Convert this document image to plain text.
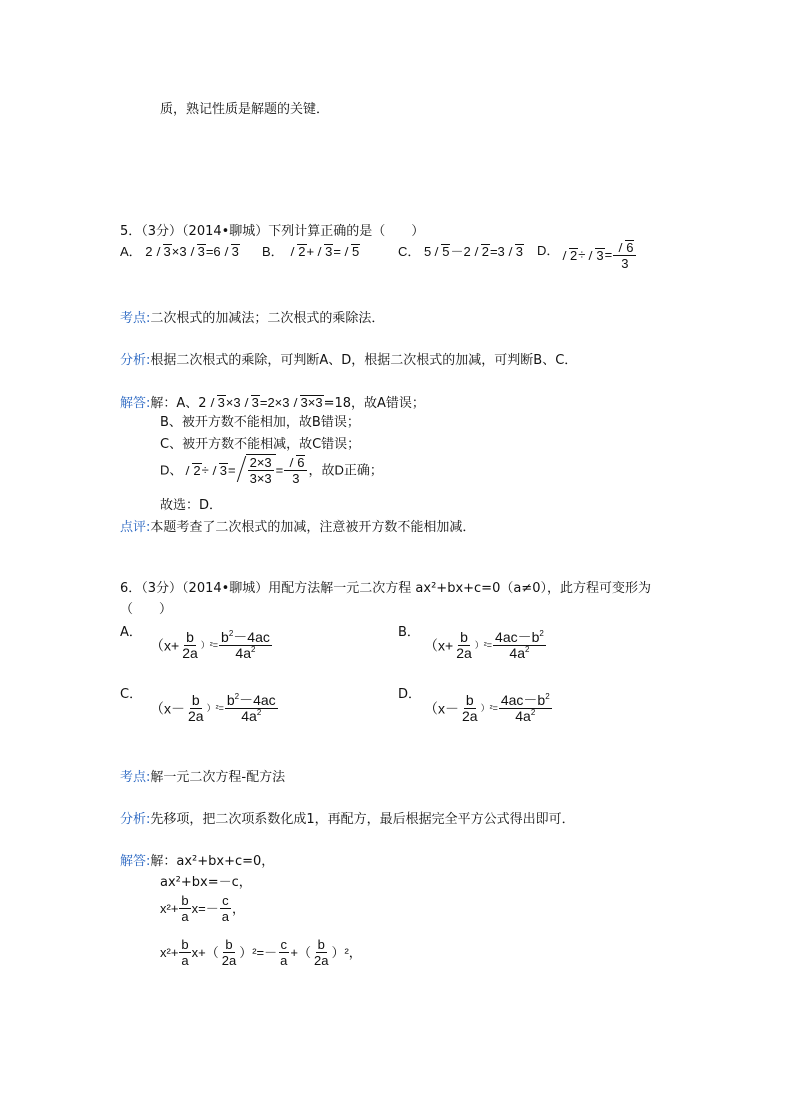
质，熟记性质是解题的关键．
5．（3分）（2014•聊城）下列计算正确的是（　　）
A． 2 3×3 3=6 3 B． 2+ 3= 5	C． 5 5－2 2=3 3 D． $2\div 3= \frac{6}{3}$
考点:二次根式的加减法；二次根式的乘除法．
分析:根据二次根式的乘除，可判断A、D，根据二次根式的加减，可判断B、C．
解答:解：A、2 3×3 3=2×3 3×3=18，故A错误；
B、被开方数不能相加，故B错误；
C、被开方数不能相减，故C错误；
D、 $2\div 3= \frac{2\times 3}{3\times 3} = \frac{6}{3}$ ，故D正确；
故选：D．
点评:本题考查了二次根式的加减，注意被开方数不能相加减．
6．（3分）（2014•聊城）用配方法解一元二次方程 ax²+bx+c=0（a≠0），此方程可变形为
（　　）
A．
$(x+ \frac{b}{2a} )^2= \frac{b^2-4ac}{4a^2}$	B．
$(x+ \frac{b}{2a} )^2= \frac{4ac-b^2}{4a^2}$
C．
$(x- \frac{b}{2a} )^2= \frac{b^2-4ac}{4a^2}$	D．
$(x- \frac{b}{2a} )^2= \frac{4ac-b^2}{4a^2}$
考点:解一元二次方程-配方法
分析:先移项，把二次项系数化成1，再配方，最后根据完全平方公式得出即可．
解答:解：ax²+bx+c=0，
ax²+bx=－c，
$x^2+ \frac{b}{a} x=- \frac{c}{a}$ ，
$x^2+ \frac{b}{a} x+( \frac{b}{2a} )^2=- \frac{c}{a}$ +（ $\frac{b}{2a} )^2$，
